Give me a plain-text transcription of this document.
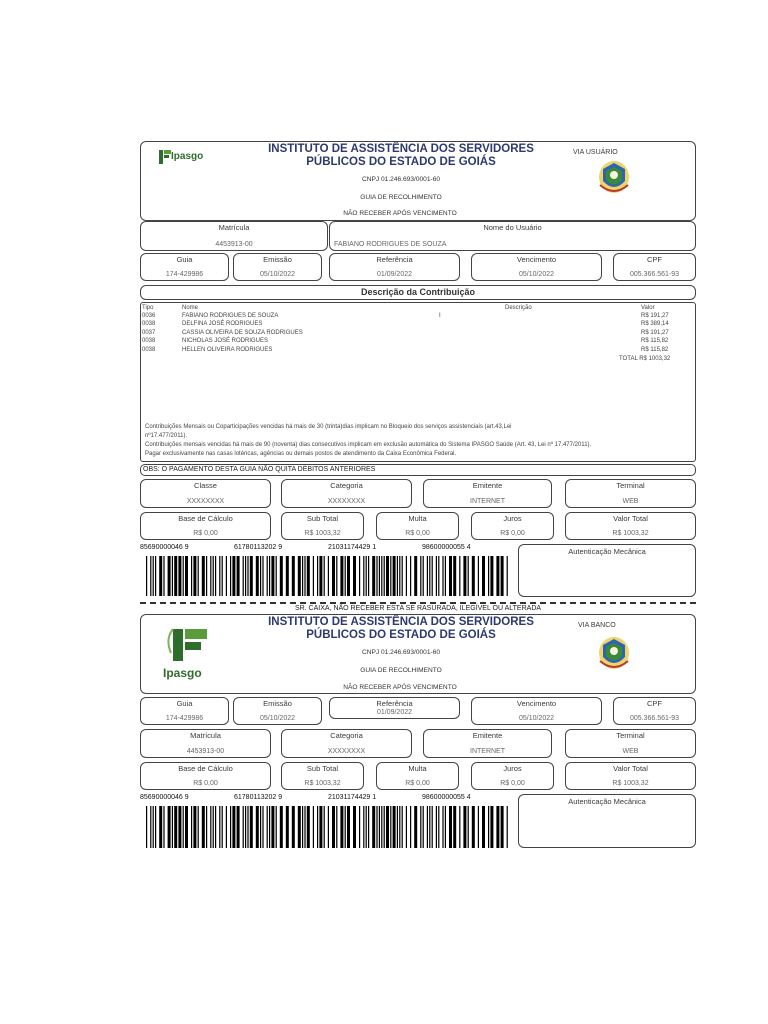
Ipasgo
INSTITUTO DE ASSISTÊNCIA DOS SERVIDORES
PÚBLICOS DO ESTADO DE GOIÁS
CNPJ 01.246.693/0001-60
GUIA DE RECOLHIMENTO
VIA USUÁRIO
NÃO RECEBER APÓS VENCIMENTO
Matrícula
4453913-00
Nome do Usuário
FABIANO RODRIGUES DE SOUZA
Guia
174-429986
Emissão
05/10/2022
Referência
01/09/2022
Vencimento
05/10/2022
CPF
005.366.561-93
Descrição da Contribuição
Tipo	Nome	Descrição	Valor
0036	FABIANO RODRIGUES DE SOUZA	I	R$ 191,27
0038	DELFINA JOSÉ RODRIGUES	R$ 389,14
0037	CASSIA OLIVEIRA DE SOUZA RODRIGUES	R$ 191,27
0038	NICHOLAS JOSÉ RODRIGUES	R$ 115,82
0038	HELLEN OLIVEIRA RODRIGUES	R$ 115,82
TOTAL R$ 1003,32
Contribuições Mensais ou Coparticipações vencidas há mais de 30 (trinta)dias implicam no Bloqueio dos serviços assistenciais (art.43,Lei
nº17.477/2011).
Contribuições mensais vencidas há mais de 90 (noventa) dias consecutivos implicam em exclusão automática do Sistema IPASGO Saúde (Art. 43, Lei nº 17.477/2011).
Pagar exclusivamente nas casas lotéricas, agências ou demais postos de atendimento da Caixa Econômica Federal.
OBS: O PAGAMENTO DESTA GUIA NÃO QUITA DÉBITOS ANTERIORES
Classe
XXXXXXXX
Categoria
XXXXXXXX
Emitente
INTERNET
Terminal
WEB
Base de Cálculo
R$ 0,00
Sub Total
R$ 1003,32
Multa
R$ 0,00
Juros
R$ 0,00
Valor Total
R$ 1003,32
85690000046 9	61780113202 9	21031174429 1	98600000055 4	Autenticação Mecânica
SR. CAIXA, NÃO RECEBER ESTA SE RASURADA, ILEGÍVEL OU ALTERADA
Ipasgo
INSTITUTO DE ASSISTÊNCIA DOS SERVIDORES
PÚBLICOS DO ESTADO DE GOIÁS
CNPJ 01.246.693/0001-60
GUIA DE RECOLHIMENTO
VIA BANCO
NÃO RECEBER APÓS VENCIMENTO
Guia
174-429986
Emissão
05/10/2022
Referência
01/09/2022
Vencimento
05/10/2022
CPF
005.366.561-93
Matrícula
4453913-00
Categoria
XXXXXXXX
Emitente
INTERNET
Terminal
WEB
Base de Cálculo
R$ 0,00
Sub Total
R$ 1003,32
Multa
R$ 0,00
Juros
R$ 0,00
Valor Total
R$ 1003,32
85690000046 9	61780113202 9	21031174429 1	98600000055 4	Autenticação Mecânica
